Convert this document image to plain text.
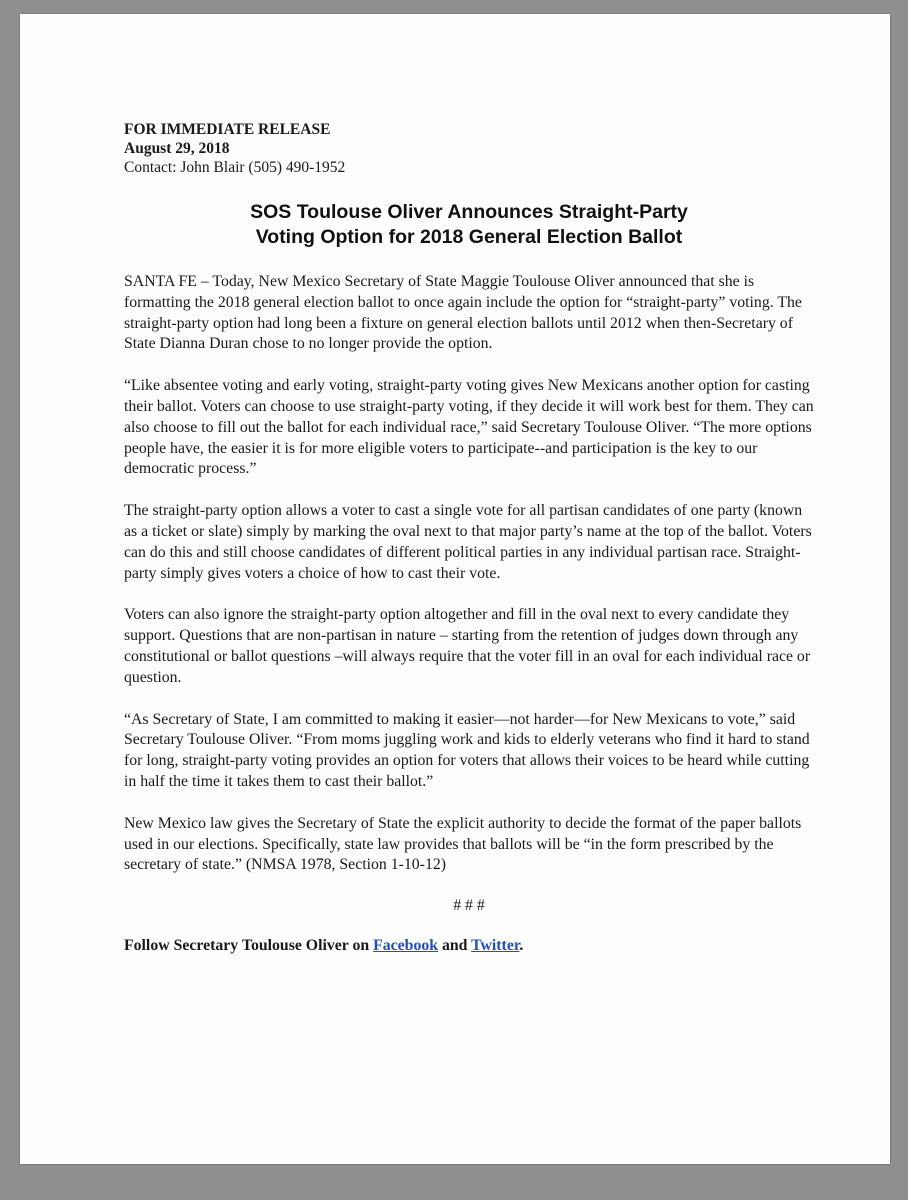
FOR IMMEDIATE RELEASE

August 29, 2018

Contact: John Blair (505) 490-1952

SOS Toulouse Oliver Announces Straight-Party
Voting Option for 2018 General Election Ballot

SANTA FE – Today, New Mexico Secretary of State Maggie Toulouse Oliver announced that she is formatting the 2018 general election ballot to once again include the option for “straight-party” voting. The straight-party option had long been a fixture on general election ballots until 2012 when then-Secretary of State Dianna Duran chose to no longer provide the option.

“Like absentee voting and early voting, straight-party voting gives New Mexicans another option for casting their ballot. Voters can choose to use straight-party voting, if they decide it will work best for them. They can also choose to fill out the ballot for each individual race,” said Secretary Toulouse Oliver. “The more options people have, the easier it is for more eligible voters to participate--and participation is the key to our democratic process.”

The straight-party option allows a voter to cast a single vote for all partisan candidates of one party (known as a ticket or slate) simply by marking the oval next to that major party’s name at the top of the ballot. Voters can do this and still choose candidates of different political parties in any individual partisan race. Straight-party simply gives voters a choice of how to cast their vote.

Voters can also ignore the straight-party option altogether and fill in the oval next to every candidate they support. Questions that are non-partisan in nature – starting from the retention of judges down through any constitutional or ballot questions –will always require that the voter fill in an oval for each individual race or question.

“As Secretary of State, I am committed to making it easier—not harder—for New Mexicans to vote,” said Secretary Toulouse Oliver. “From moms juggling work and kids to elderly veterans who find it hard to stand for long, straight-party voting provides an option for voters that allows their voices to be heard while cutting in half the time it takes them to cast their ballot.”

New Mexico law gives the Secretary of State the explicit authority to decide the format of the paper ballots used in our elections. Specifically, state law provides that ballots will be “in the form prescribed by the secretary of state.” (NMSA 1978, Section 1-10-12)

# # #

Follow Secretary Toulouse Oliver on Facebook and Twitter.
